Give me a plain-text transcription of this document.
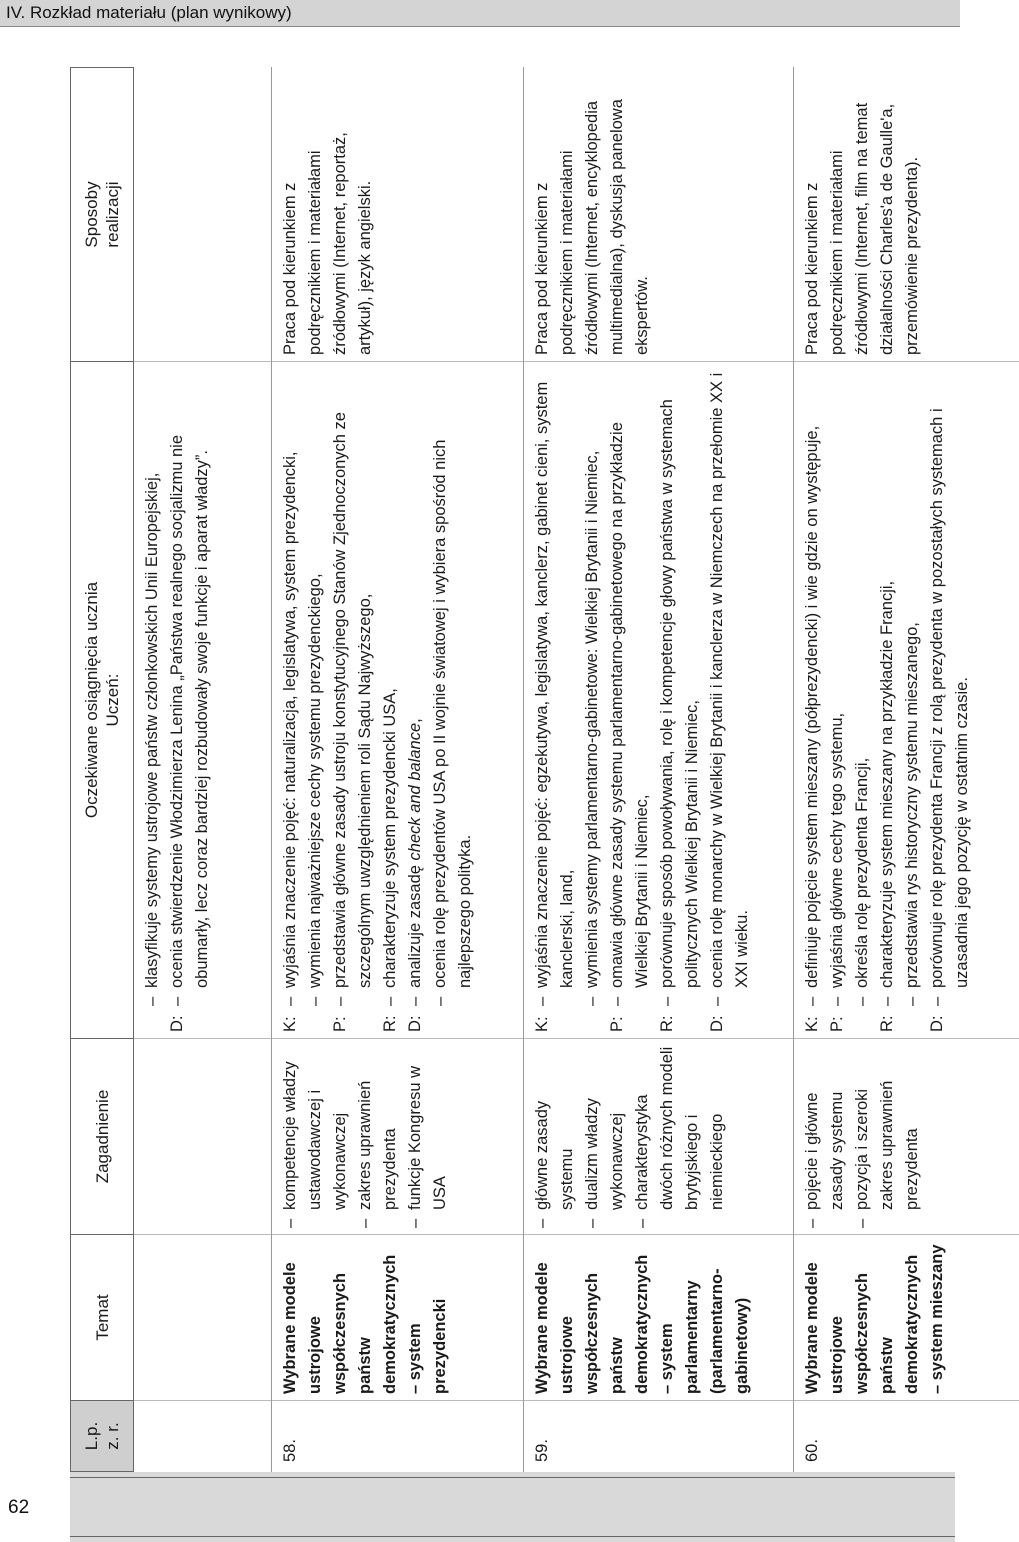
IV. Rozkład materiału (plan wynikowy)
L.p. z. r.
Temat
Zagadnienie
Oczekiwane osiągnięcia ucznia Uczeń:
Sposoby realizacji
–
klasyfikuje systemy ustrojowe państw członkowskich Unii Europejskiej,
D:
–
ocenia stwierdzenie Włodzimierza Lenina „Państwa realnego socjalizmu nie obumarły, lecz coraz bardziej rozbudowały swoje funkcje i aparat władzy”.
58.
Wybrane modele ustrojowe współczesnych państw demokratycznych – system prezydencki
–
kompetencje władzy ustawodawczej i wykonawczej
–
zakres uprawnień prezydenta
–
funkcje Kongresu w USA
K:
–
wyjaśnia znaczenie pojęć: naturalizacja, legislatywa, system prezydencki,
–
wymienia najważniejsze cechy systemu prezydenckiego,
P:
–
przedstawia główne zasady ustroju konstytucyjnego Stanów Zjednoczonych ze szczególnym uwzględnieniem roli Sądu Najwyższego,
R:
–
charakteryzuje system prezydencki USA,
D:
–
analizuje zasadę check and balance,
–
ocenia rolę prezydentów USA po II wojnie światowej i wybiera spośród nich najlepszego polityka.
Praca pod kierunkiem z podręcznikiem i materiałami źródłowymi (Internet, reportaż, artykuł), język angielski.
59.
Wybrane modele ustrojowe współczesnych państw demokratycznych – system parlamentarny (parlamentarno-gabinetowy)
–
główne zasady systemu
–
dualizm władzy wykonawczej
–
charakterystyka dwóch różnych modeli brytyjskiego i niemieckiego
K:
–
wyjaśnia znaczenie pojęć: egzekutywa, legislatywa, kanclerz, gabinet cieni, system kanclerski, land,
–
wymienia systemy parlamentarno-gabinetowe: Wielkiej Brytanii i Niemiec,
P:
–
omawia główne zasady systemu parlamentarno-gabinetowego na przykładzie Wielkiej Brytanii i Niemiec,
R:
–
porównuje sposób powoływania, rolę i kompetencje głowy państwa w systemach politycznych Wielkiej Brytanii i Niemiec,
D:
–
ocenia rolę monarchy w Wielkiej Brytanii i kanclerza w Niemczech na przełomie XX i XXI wieku.
Praca pod kierunkiem z podręcznikiem i materiałami źródłowymi (Internet, encyklopedia multimedialna), dyskusja panelowa ekspertów.
60.
Wybrane modele ustrojowe współczesnych państw demokratycznych – system mieszany
–
pojęcie i główne zasady systemu
–
pozycja i szeroki zakres uprawnień prezydenta
K:
–
definiuje pojęcie system mieszany (półprezydencki) i wie gdzie on występuje,
P:
–
wyjaśnia główne cechy tego systemu,
–
określa rolę prezydenta Francji,
R:
–
charakteryzuje system mieszany na przykładzie Francji,
–
przedstawia rys historyczny systemu mieszanego,
D:
–
porównuje rolę prezydenta Francji z rolą prezydenta w pozostałych systemach i uzasadnia jego pozycję w ostatnim czasie.
Praca pod kierunkiem z podręcznikiem i materiałami źródłowymi (Internet, film na temat działalności Charles'a de Gaulle'a, przemówienie prezydenta).
62
